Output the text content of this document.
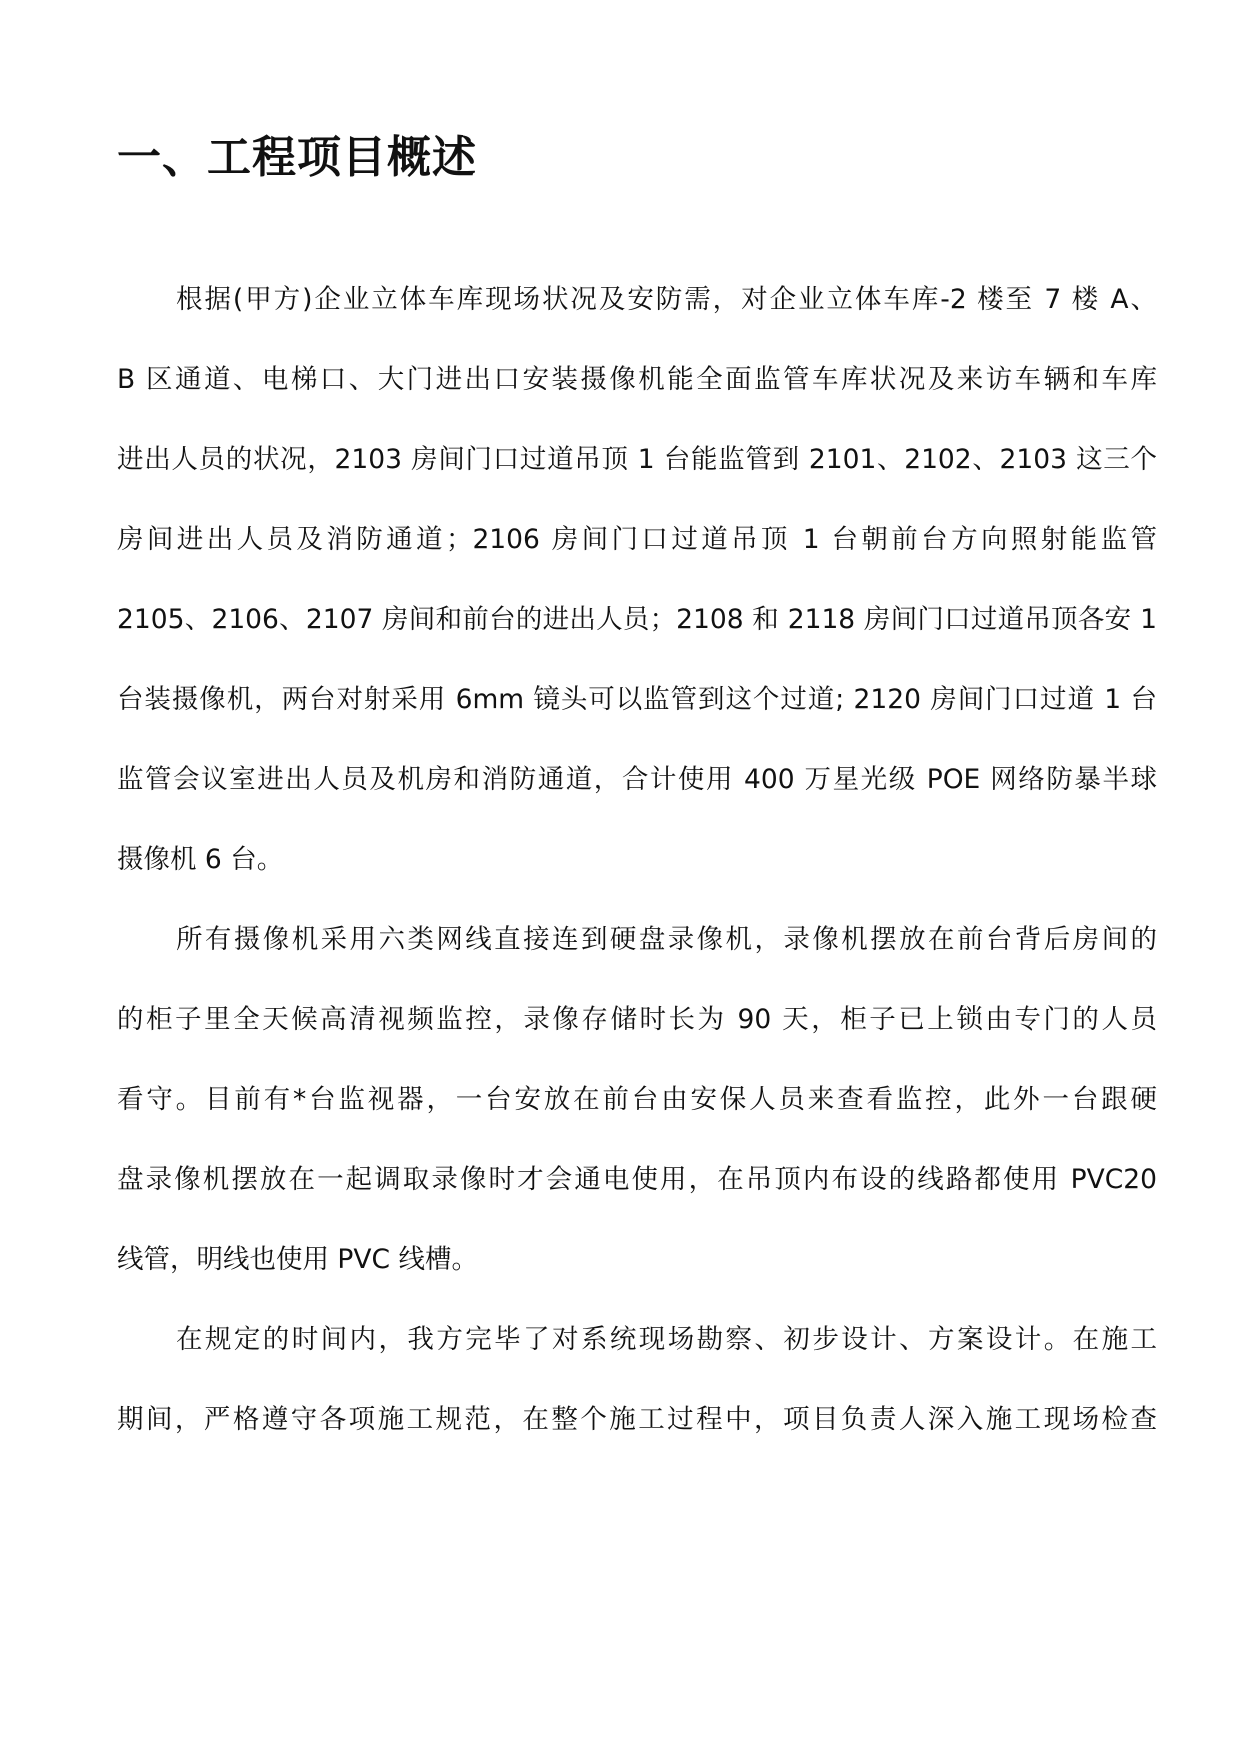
一、工程项目概述

根据(甲方)企业立体车库现场状况及安防需，对企业立体车库-2 楼至 7 楼 A、

B 区通道、电梯口、大门进出口安装摄像机能全面监管车库状况及来访车辆和车库

进出人员的状况，2103 房间门口过道吊顶 1 台能监管到 2101、2102、2103 这三个

房间进出人员及消防通道；2106 房间门口过道吊顶 1 台朝前台方向照射能监管

2105、2106、2107 房间和前台的进出人员；2108 和 2118 房间门口过道吊顶各安 1

台装摄像机，两台对射采用 6mm 镜头可以监管到这个过道; 2120 房间门口过道 1 台

监管会议室进出人员及机房和消防通道，合计使用 400 万星光级 POE 网络防暴半球

摄像机 6 台。

所有摄像机采用六类网线直接连到硬盘录像机，录像机摆放在前台背后房间的

的柜子里全天候高清视频监控，录像存储时长为 90 天，柜子已上锁由专门的人员

看守。目前有*台监视器，一台安放在前台由安保人员来查看监控，此外一台跟硬

盘录像机摆放在一起调取录像时才会通电使用，在吊顶内布设的线路都使用 PVC20

线管，明线也使用 PVC 线槽。

在规定的时间内，我方完毕了对系统现场勘察、初步设计、方案设计。在施工

期间，严格遵守各项施工规范，在整个施工过程中，项目负责人深入施工现场检查
